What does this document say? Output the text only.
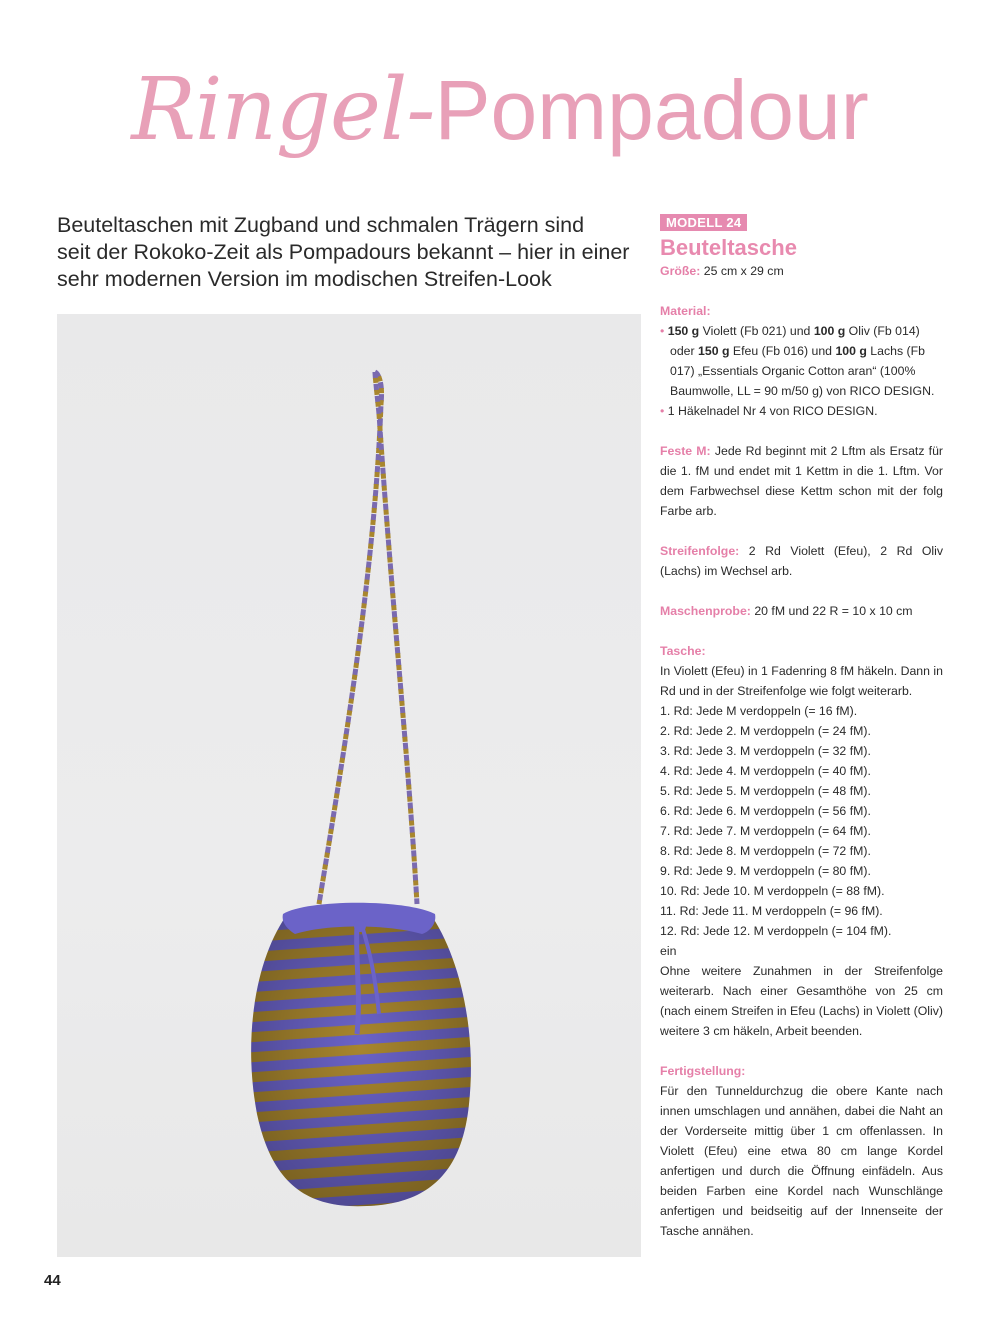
Ringel-Pompadour
Beuteltaschen mit Zugband und schmalen Trägern sind
seit der Rokoko-Zeit als Pompadours bekannt – hier in einer
sehr modernen Version im modischen Streifen-Look
44
MODELL 24
Beuteltasche
Größe: 25 cm x 29 cm
Material:
• 150 g Violett (Fb 021) und 100 g Oliv (Fb 014)
oder 150 g Efeu (Fb 016) und 100 g Lachs (Fb
017) „Essentials Organic Cotton aran“ (100%
Baumwolle, LL = 90 m/50 g) von RICO DESIGN.
• 1 Häkelnadel Nr 4 von RICO DESIGN.
Feste M: Jede Rd beginnt mit 2 Lftm als Ersatz für die 1. fM und endet mit 1 Kettm in die 1. Lftm. Vor dem Farbwechsel diese Kettm schon mit der folg Farbe arb.
Streifenfolge: 2 Rd Violett (Efeu), 2 Rd Oliv (Lachs) im Wechsel arb.
Maschenprobe: 20 fM und 22 R = 10 x 10 cm
Tasche:
In Violett (Efeu) in 1 Fadenring 8 fM häkeln. Dann in Rd und in der Streifenfolge wie folgt weiterarb.
1. Rd: Jede M verdoppeln (= 16 fM).
2. Rd: Jede 2. M verdoppeln (= 24 fM).
3. Rd: Jede 3. M verdoppeln (= 32 fM).
4. Rd: Jede 4. M verdoppeln (= 40 fM).
5. Rd: Jede 5. M verdoppeln (= 48 fM).
6. Rd: Jede 6. M verdoppeln (= 56 fM).
7. Rd: Jede 7. M verdoppeln (= 64 fM).
8. Rd: Jede 8. M verdoppeln (= 72 fM).
9. Rd: Jede 9. M verdoppeln (= 80 fM).
10. Rd: Jede 10. M verdoppeln (= 88 fM).
11. Rd: Jede 11. M verdoppeln (= 96 fM).
12. Rd: Jede 12. M verdoppeln (= 104 fM).
ein
Ohne weitere Zunahmen in der Streifenfolge weiterarb. Nach einer Gesamthöhe von 25 cm (nach einem Streifen in Efeu (Lachs) in Violett (Oliv) weitere 3 cm häkeln, Arbeit beenden.
Fertigstellung:
Für den Tunneldurchzug die obere Kante nach innen umschlagen und annähen, dabei die Naht an der Vorderseite mittig über 1 cm offenlassen. In Violett (Efeu) eine etwa 80 cm lange Kordel anfertigen und durch die Öffnung einfädeln. Aus beiden Farben eine Kordel nach Wunschlänge anfertigen und beidseitig auf der Innenseite der Tasche annähen.
